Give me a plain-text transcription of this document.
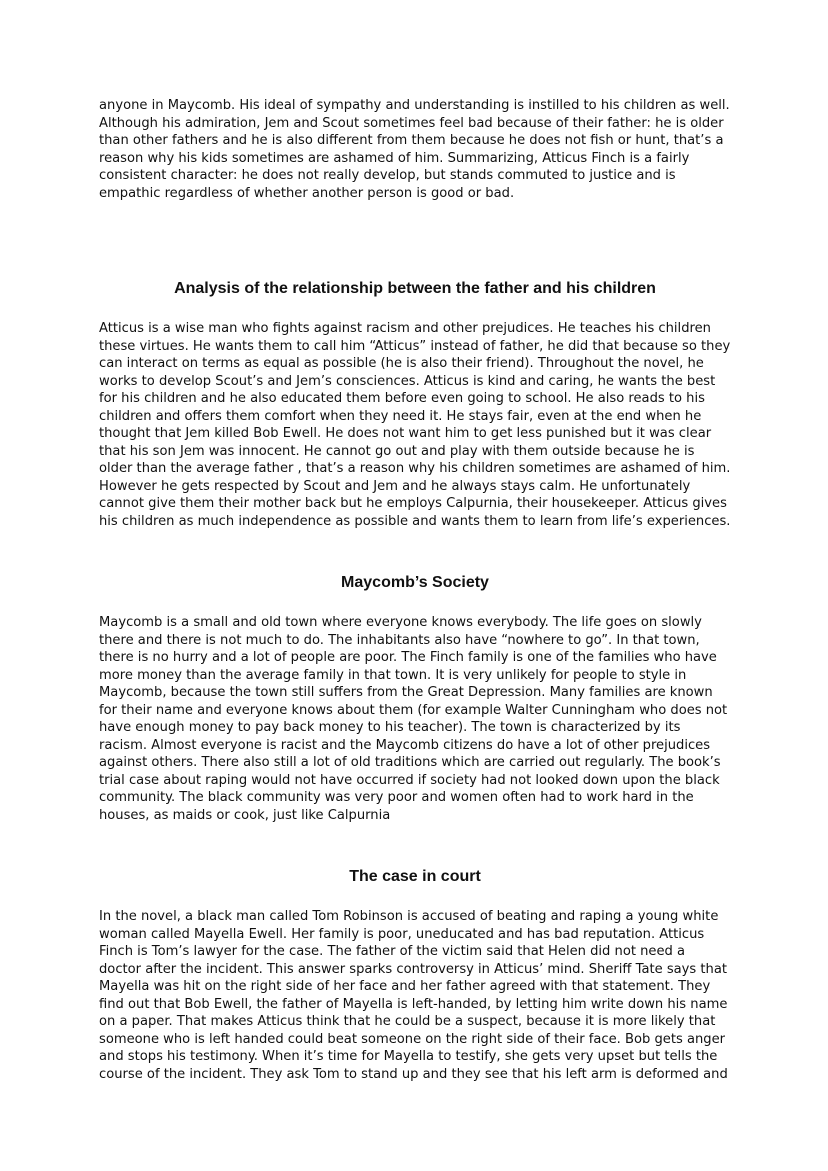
anyone in Maycomb. His ideal of sympathy and understanding is instilled to his children as well. Although his admiration, Jem and Scout sometimes feel bad because of their father: he is older than other fathers and he is also different from them because he does not fish or hunt, that’s a reason why his kids sometimes are ashamed of him. Summarizing, Atticus Finch is a fairly consistent character: he does not really develop, but stands commuted to justice and is empathic regardless of whether another person is good or bad.

Analysis of the relationship between the father and his children

Atticus is a wise man who fights against racism and other prejudices. He teaches his children these virtues. He wants them to call him “Atticus” instead of father, he did that because so they can interact on terms as equal as possible (he is also their friend). Throughout the novel, he works to develop Scout’s and Jem’s consciences. Atticus is kind and caring, he wants the best for his children and he also educated them before even going to school. He also reads to his children and offers them comfort when they need it. He stays fair, even at the end when he thought that Jem killed Bob Ewell. He does not want him to get less punished but it was clear that his son Jem was innocent. He cannot go out and play with them outside because he is older than the average father , that’s a reason why his children sometimes are ashamed of him. However he gets respected by Scout and Jem and he always stays calm. He unfortunately cannot give them their mother back but he employs Calpurnia, their housekeeper. Atticus gives his children as much independence as possible and wants them to learn from life’s experiences.

Maycomb’s Society

Maycomb is a small and old town where everyone knows everybody. The life goes on slowly there and there is not much to do. The inhabitants also have “nowhere to go”. In that town, there is no hurry and a lot of people are poor. The Finch family is one of the families who have more money than the average family in that town. It is very unlikely for people to style in Maycomb, because the town still suffers from the Great Depression. Many families are known for their name and everyone knows about them (for example Walter Cunningham who does not have enough money to pay back money to his teacher). The town is characterized by its racism. Almost everyone is racist and the Maycomb citizens do have a lot of other prejudices against others. There also still a lot of old traditions which are carried out regularly. The book’s trial case about raping would not have occurred if society had not looked down upon the black community. The black community was very poor and women often had to work hard in the houses, as maids or cook, just like Calpurnia

The case in court

In the novel, a black man called Tom Robinson is accused of beating and raping a young white woman called Mayella Ewell. Her family is poor, uneducated and has bad reputation. Atticus Finch is Tom’s lawyer for the case. The father of the victim said that Helen did not need a doctor after the incident. This answer sparks controversy in Atticus’ mind. Sheriff Tate says that Mayella was hit on the right side of her face and her father agreed with that statement. They find out that Bob Ewell, the father of Mayella is left-handed, by letting him write down his name on a paper. That makes Atticus think that he could be a suspect, because it is more likely that someone who is left handed could beat someone on the right side of their face. Bob gets anger and stops his testimony. When it’s time for Mayella to testify, she gets very upset but tells the course of the incident. They ask Tom to stand up and they see that his left arm is deformed and
